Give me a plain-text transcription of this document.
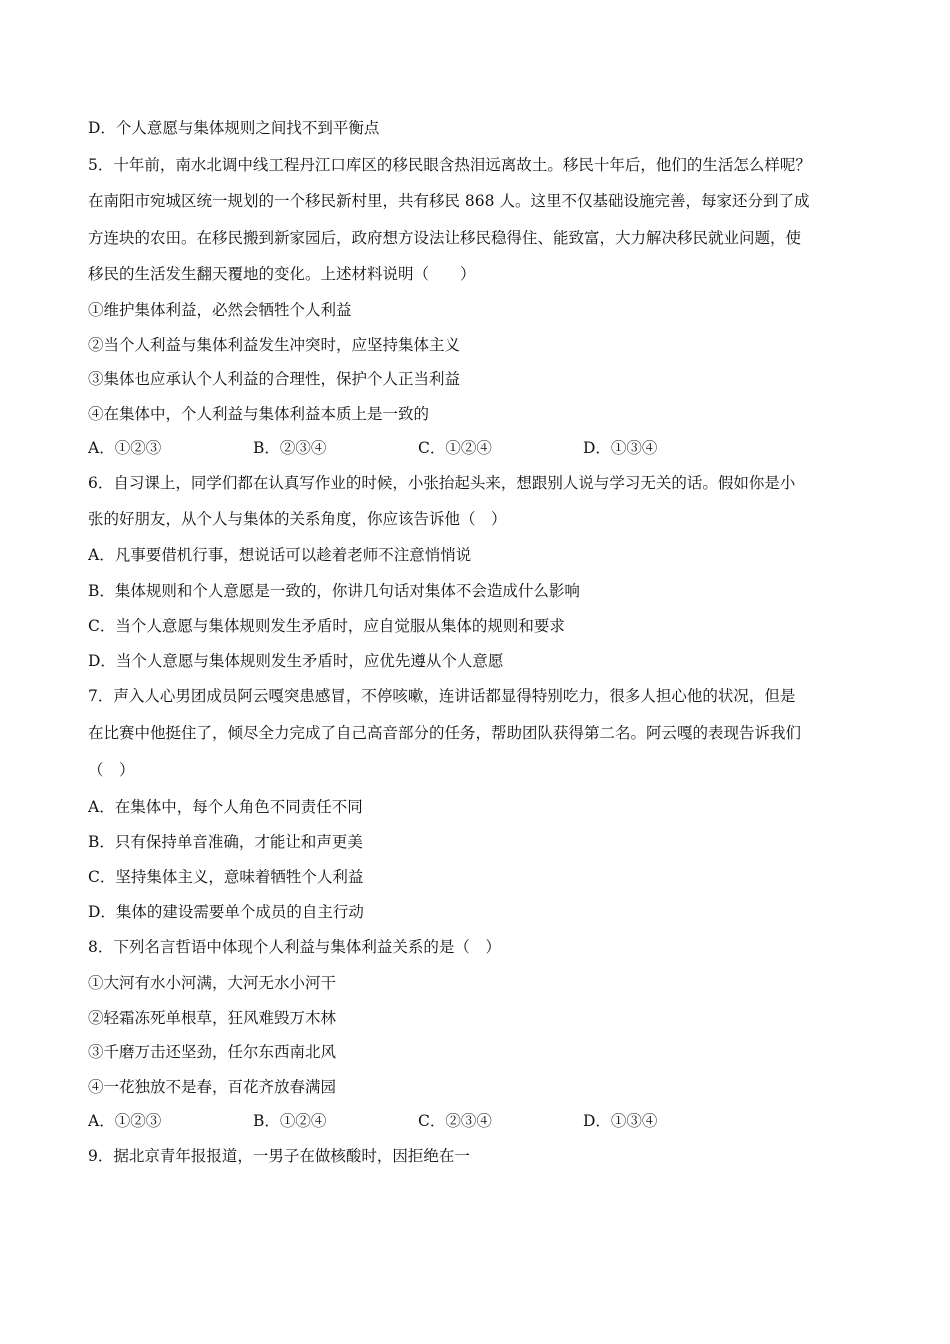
D．个人意愿与集体规则之间找不到平衡点
5．十年前，南水北调中线工程丹江口库区的移民眼含热泪远离故土。移民十年后，他们的生活怎么样呢？
在南阳市宛城区统一规划的一个移民新村里，共有移民 868 人。这里不仅基础设施完善，每家还分到了成
方连块的农田。在移民搬到新家园后，政府想方设法让移民稳得住、能致富，大力解决移民就业问题，使
移民的生活发生翻天覆地的变化。上述材料说明（　　）
①维护集体利益，必然会牺牲个人利益
②当个人利益与集体利益发生冲突时，应坚持集体主义
③集体也应承认个人利益的合理性，保护个人正当利益
④在集体中，个人利益与集体利益本质上是一致的
A．①②③	B．②③④	C．①②④	D．①③④
6．自习课上，同学们都在认真写作业的时候，小张抬起头来，想跟别人说与学习无关的话。假如你是小
张的好朋友，从个人与集体的关系角度，你应该告诉他（　）
A．凡事要借机行事，想说话可以趁着老师不注意悄悄说
B．集体规则和个人意愿是一致的，你讲几句话对集体不会造成什么影响
C．当个人意愿与集体规则发生矛盾时，应自觉服从集体的规则和要求
D．当个人意愿与集体规则发生矛盾时，应优先遵从个人意愿
7．声入人心男团成员阿云嘎突患感冒，不停咳嗽，连讲话都显得特别吃力，很多人担心他的状况，但是
在比赛中他挺住了，倾尽全力完成了自己高音部分的任务，帮助团队获得第二名。阿云嘎的表现告诉我们
（　）
A．在集体中，每个人角色不同责任不同
B．只有保持单音准确，才能让和声更美
C．坚持集体主义，意味着牺牲个人利益
D．集体的建设需要单个成员的自主行动
8．下列名言哲语中体现个人利益与集体利益关系的是（　）
①大河有水小河满，大河无水小河干
②轻霜冻死单根草，狂风难毁万木林
③千磨万击还坚劲，任尔东西南北风
④一花独放不是春，百花齐放春满园
A．①②③	B．①②④	C．②③④	D．①③④
9．据北京青年报报道，一男子在做核酸时，因拒绝在一
